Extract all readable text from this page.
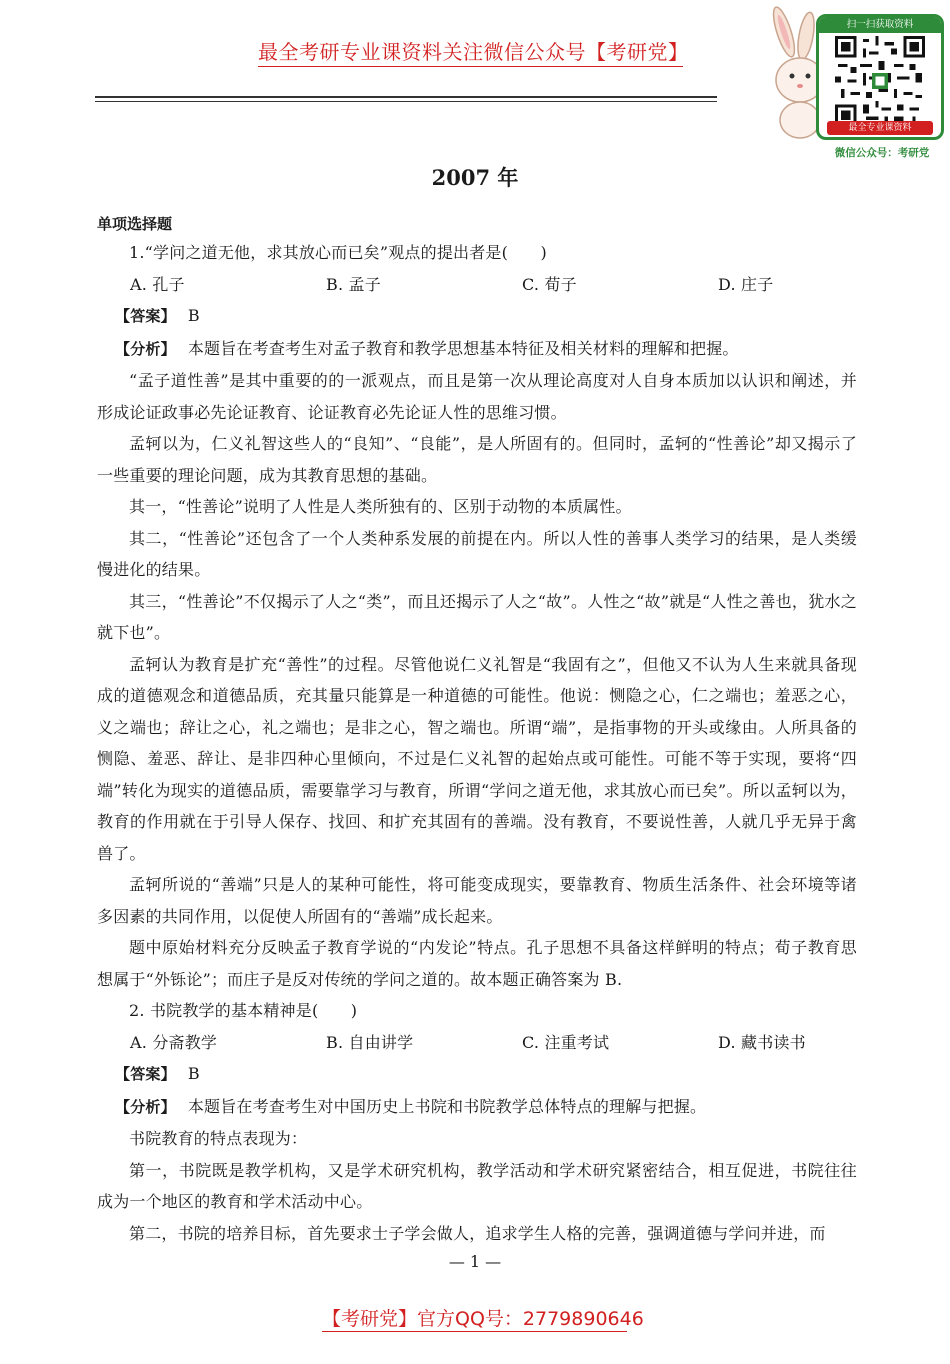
最全考研专业课资料关注微信公众号【考研党】
扫一扫获取资料
最全专业课资料
微信公众号：考研党
2007 年
单项选择题

1.“学问之道无他，求其放心而已矣”观点的提出者是(　　)

A. 孔子	B. 孟子	C. 荀子	D. 庄子

【答案】 B

【分析】 本题旨在考查考生对孟子教育和教学思想基本特征及相关材料的理解和把握。

“孟子道性善”是其中重要的的一派观点，而且是第一次从理论高度对人自身本质加以认识和阐述，并形成论证政事必先论证教育、论证教育必先论证人性的思维习惯。

孟轲以为，仁义礼智这些人的“良知”、“良能”，是人所固有的。但同时，孟轲的“性善论”却又揭示了一些重要的理论问题，成为其教育思想的基础。

其一，“性善论”说明了人性是人类所独有的、区别于动物的本质属性。

其二，“性善论”还包含了一个人类种系发展的前提在内。所以人性的善事人类学习的结果，是人类缓慢进化的结果。

其三，“性善论”不仅揭示了人之“类”，而且还揭示了人之“故”。人性之“故”就是“人性之善也，犹水之就下也”。

孟轲认为教育是扩充“善性”的过程。尽管他说仁义礼智是“我固有之”，但他又不认为人生来就具备现成的道德观念和道德品质，充其量只能算是一种道德的可能性。他说：恻隐之心，仁之端也；羞恶之心，义之端也；辞让之心，礼之端也；是非之心，智之端也。所谓“端”，是指事物的开头或缘由。人所具备的恻隐、羞恶、辞让、是非四种心里倾向，不过是仁义礼智的起始点或可能性。可能不等于实现，要将“四端”转化为现实的道德品质，需要靠学习与教育，所谓“学问之道无他，求其放心而已矣”。所以孟轲以为，教育的作用就在于引导人保存、找回、和扩充其固有的善端。没有教育，不要说性善，人就几乎无异于禽兽了。

孟轲所说的“善端”只是人的某种可能性，将可能变成现实，要靠教育、物质生活条件、社会环境等诸多因素的共同作用，以促使人所固有的“善端”成长起来。

题中原始材料充分反映孟子教育学说的“内发论”特点。孔子思想不具备这样鲜明的特点；荀子教育思想属于“外铄论”；而庄子是反对传统的学问之道的。故本题正确答案为 B.

2. 书院教学的基本精神是(　　)

A. 分斋教学	B. 自由讲学	C. 注重考试	D. 藏书读书

【答案】 B

【分析】 本题旨在考查考生对中国历史上书院和书院教学总体特点的理解与把握。

书院教育的特点表现为：

第一，书院既是教学机构，又是学术研究机构，教学活动和学术研究紧密结合，相互促进，书院往往成为一个地区的教育和学术活动中心。

第二，书院的培养目标，首先要求士子学会做人，追求学生人格的完善，强调道德与学问并进，而

— 1 —
【考研党】官方QQ号：2779890646
